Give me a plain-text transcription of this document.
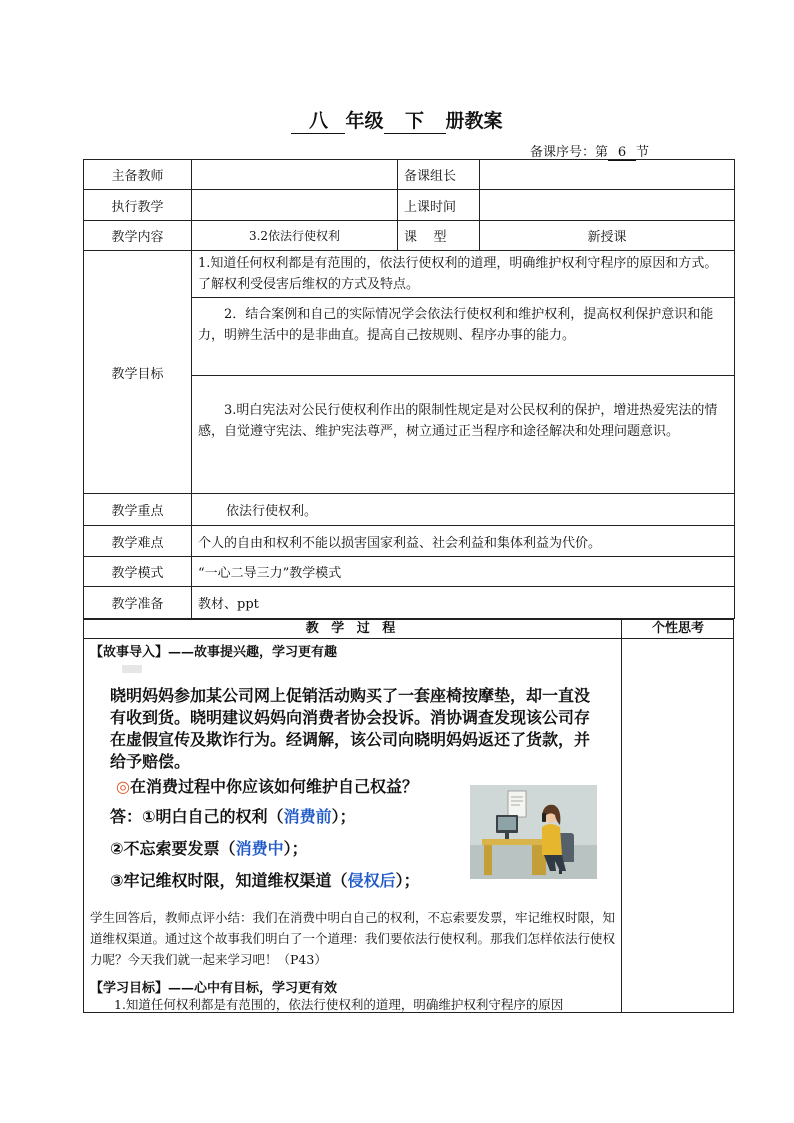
八 年级 下 册教案
备课序号：第 6 节
主备教师		备课组长	
执行教学		上课时间	
教学内容	3.2依法行使权利	课    型	新授课
教学目标	1.知道任何权利都是有范围的，依法行使权利的道理，明确维护权利守程序的原因和方式。了解权利受侵害后维权的方式及特点。		
	2．结合案例和自己的实际情况学会依法行使权利和维护权利，提高权利保护意识和能力，明辨生活中的是非曲直。提高自己按规则、程序办事的能力。		
	3.明白宪法对公民行使权利作出的限制性规定是对公民权利的保护，增进热爱宪法的情感，自觉遵守宪法、维护宪法尊严，树立通过正当程序和途径解决和处理问题意识。		
教学重点	依法行使权利。		
教学难点	个人的自由和权利不能以损害国家利益、社会利益和集体利益为代价。		
教学模式	“一心二导三力”教学模式		
教学准备	教材、ppt		
教 学 过 程	个性思考
【故事导入】——故事提兴趣，学习更有趣
晓明妈妈参加某公司网上促销活动购买了一套座椅按摩垫，却一直没有收到货。晓明建议妈妈向消费者协会投诉。消协调查发现该公司存在虚假宣传及欺诈行为。经调解，该公司向晓明妈妈返还了货款，并给予赔偿。
◎在消费过程中你应该如何维护自己权益？
答：①明白自己的权利（消费前）；
②不忘索要发票（消费中）；
③牢记维权时限，知道维权渠道（侵权后）；
学生回答后，教师点评小结：我们在消费中明白自己的权利，不忘索要发票，牢记维权时限，知道维权渠道。通过这个故事我们明白了一个道理：我们要依法行使权利。那我们怎样依法行使权力呢？今天我们就一起来学习吧！（P43）
【学习目标】——心中有目标，学习更有效
1.知道任何权利都是有范围的，依法行使权利的道理，明确维护权利守程序的原因
